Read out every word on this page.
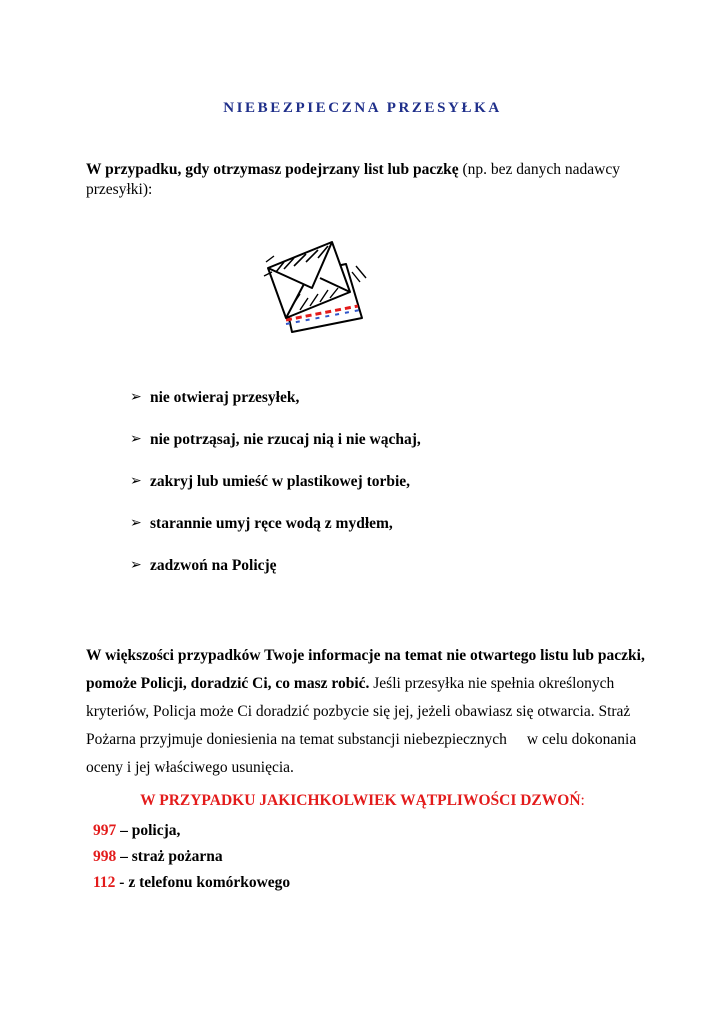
NIEBEZPIECZNA PRZESYŁKA
W przypadku, gdy otrzymasz podejrzany list lub paczkę (np. bez danych nadawcy przesyłki):
➢ nie otwieraj przesyłek,
➢ nie potrząsaj, nie rzucaj nią i nie wąchaj,
➢ zakryj lub umieść w plastikowej torbie,
➢ starannie umyj ręce wodą z mydłem,
➢ zadzwoń na Policję
W większości przypadków Twoje informacje na temat nie otwartego listu lub paczki, pomoże Policji, doradzić Ci, co masz robić. Jeśli przesyłka nie spełnia określonych kryteriów, Policja może Ci doradzić pozbycie się jej, jeżeli obawiasz się otwarcia. Straż Pożarna przyjmuje doniesienia na temat substancji niebezpiecznych w celu dokonania oceny i jej właściwego usunięcia.
W PRZYPADKU JAKICHKOLWIEK WĄTPLIWOŚCI DZWOŃ:
997 – policja,
998 – straż pożarna
112 - z telefonu komórkowego
